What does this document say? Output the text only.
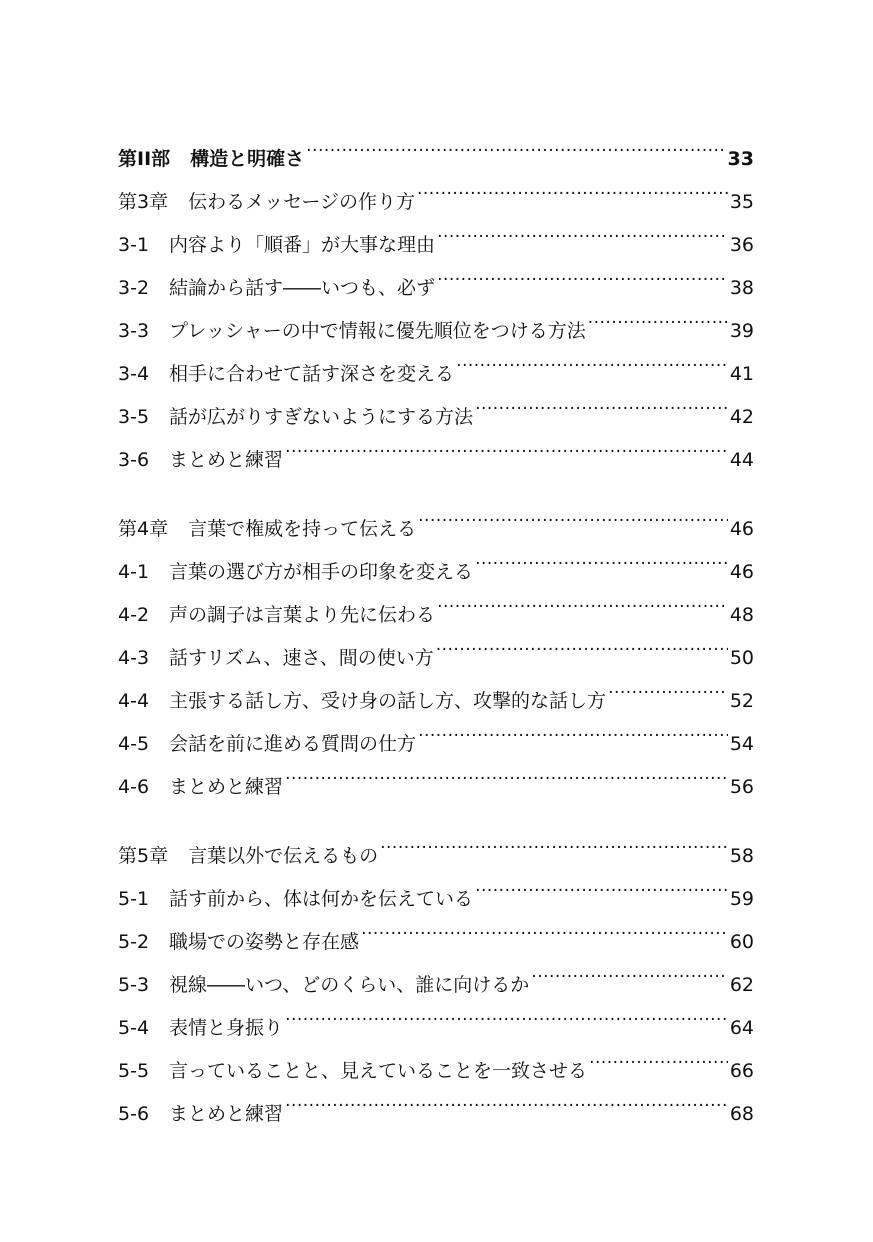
第II部	構造と明確さ .....	33
第3章	伝わるメッセージの作り方 .....	35
3-1	内容より「順番」が大事な理由 .....	36
3-2	結論から話す――いつも、必ず .....	38
3-3	プレッシャーの中で情報に優先順位をつける方法 .....	39
3-4	相手に合わせて話す深さを変える .....	41
3-5	話が広がりすぎないようにする方法 .....	42
3-6	まとめと練習 .....	44
第4章	言葉で権威を持って伝える .....	46
4-1	言葉の選び方が相手の印象を変える .....	46
4-2	声の調子は言葉より先に伝わる .....	48
4-3	話すリズム、速さ、間の使い方 .....	50
4-4	主張する話し方、受け身の話し方、攻撃的な話し方 .....	52
4-5	会話を前に進める質問の仕方 .....	54
4-6	まとめと練習 .....	56
第5章	言葉以外で伝えるもの .....	58
5-1	話す前から、体は何かを伝えている .....	59
5-2	職場での姿勢と存在感 .....	60
5-3	視線――いつ、どのくらい、誰に向けるか .....	62
5-4	表情と身振り .....	64
5-5	言っていることと、見えていることを一致させる .....	66
5-6	まとめと練習 .....	68
